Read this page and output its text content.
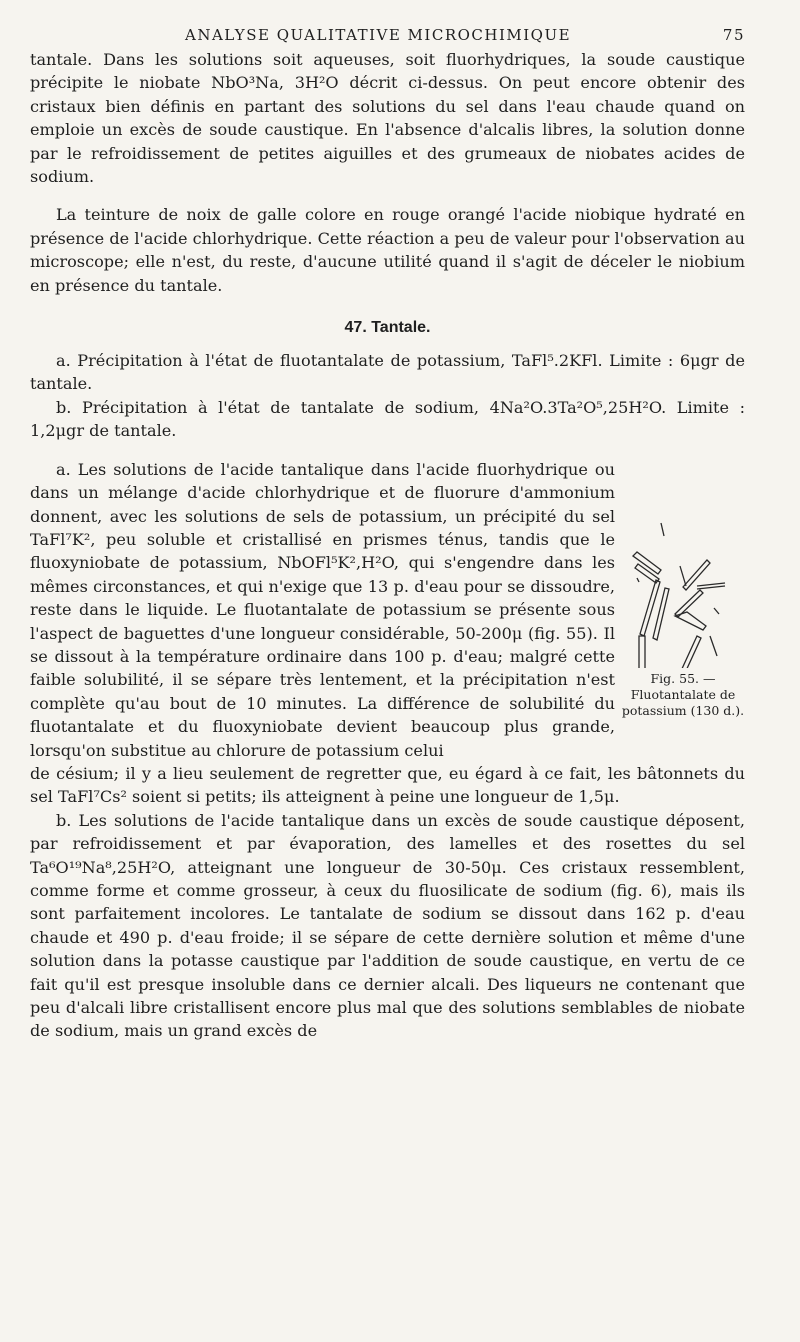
ANALYSE QUALITATIVE MICROCHIMIQUE	75

tantale. Dans les solutions soit aqueuses, soit fluorhydriques, la soude caustique précipite le niobate NbO³Na, 3H²O décrit ci-dessus. On peut encore obtenir des cristaux bien définis en partant des solutions du sel dans l'eau chaude quand on emploie un excès de soude caustique. En l'absence d'alcalis libres, la solution donne par le refroidissement de petites aiguilles et des grumeaux de niobates acides de sodium.

La teinture de noix de galle colore en rouge orangé l'acide niobique hydraté en présence de l'acide chlorhydrique. Cette réaction a peu de valeur pour l'observation au microscope; elle n'est, du reste, d'aucune utilité quand il s'agit de déceler le niobium en présence du tantale.

47. Tantale.

a. Précipitation à l'état de fluotantalate de potassium, TaFl⁵.2KFl. Limite : 6μgr de tantale.

b. Précipitation à l'état de tantalate de sodium, 4Na²O.3Ta²O⁵,25H²O. Limite : 1,2μgr de tantale.

a. Les solutions de l'acide tantalique dans l'acide fluorhydrique ou dans un mélange d'acide chlorhydrique et de fluorure d'ammonium donnent, avec les solutions de sels de potassium, un précipité du sel TaFl⁷K², peu soluble et cristallisé en prismes ténus, tandis que le fluoxyniobate de potassium, NbOFl⁵K²,H²O, qui s'engendre dans les mêmes circonstances, et qui n'exige que 13 p. d'eau pour se dissoudre, reste dans le liquide. Le fluotantalate de potassium se présente sous l'aspect de baguettes d'une longueur considérable, 50-200μ (fig. 55). Il se dissout à la température ordinaire dans 100 p. d'eau; malgré cette faible solubilité, il se sépare très lentement, et la précipitation n'est complète qu'au bout de 10 minutes. La différence de solubilité du fluotantalate et du fluoxyniobate devient beaucoup plus grande, lorsqu'on substitue au chlorure de potassium celui

Fig. 55. — Fluotantalate de potassium (130 d.).

de césium; il y a lieu seulement de regretter que, eu égard à ce fait, les bâtonnets du sel TaFl⁷Cs² soient si petits; ils atteignent à peine une longueur de 1,5μ.

b. Les solutions de l'acide tantalique dans un excès de soude caustique déposent, par refroidissement et par évaporation, des lamelles et des rosettes du sel Ta⁶O¹⁹Na⁸,25H²O, atteignant une longueur de 30-50μ. Ces cristaux ressemblent, comme forme et comme grosseur, à ceux du fluosilicate de sodium (fig. 6), mais ils sont parfaitement incolores. Le tantalate de sodium se dissout dans 162 p. d'eau chaude et 490 p. d'eau froide; il se sépare de cette dernière solution et même d'une solution dans la potasse caustique par l'addition de soude caustique, en vertu de ce fait qu'il est presque insoluble dans ce dernier alcali. Des liqueurs ne contenant que peu d'alcali libre cristallisent encore plus mal que des solutions semblables de niobate de sodium, mais un grand excès de
